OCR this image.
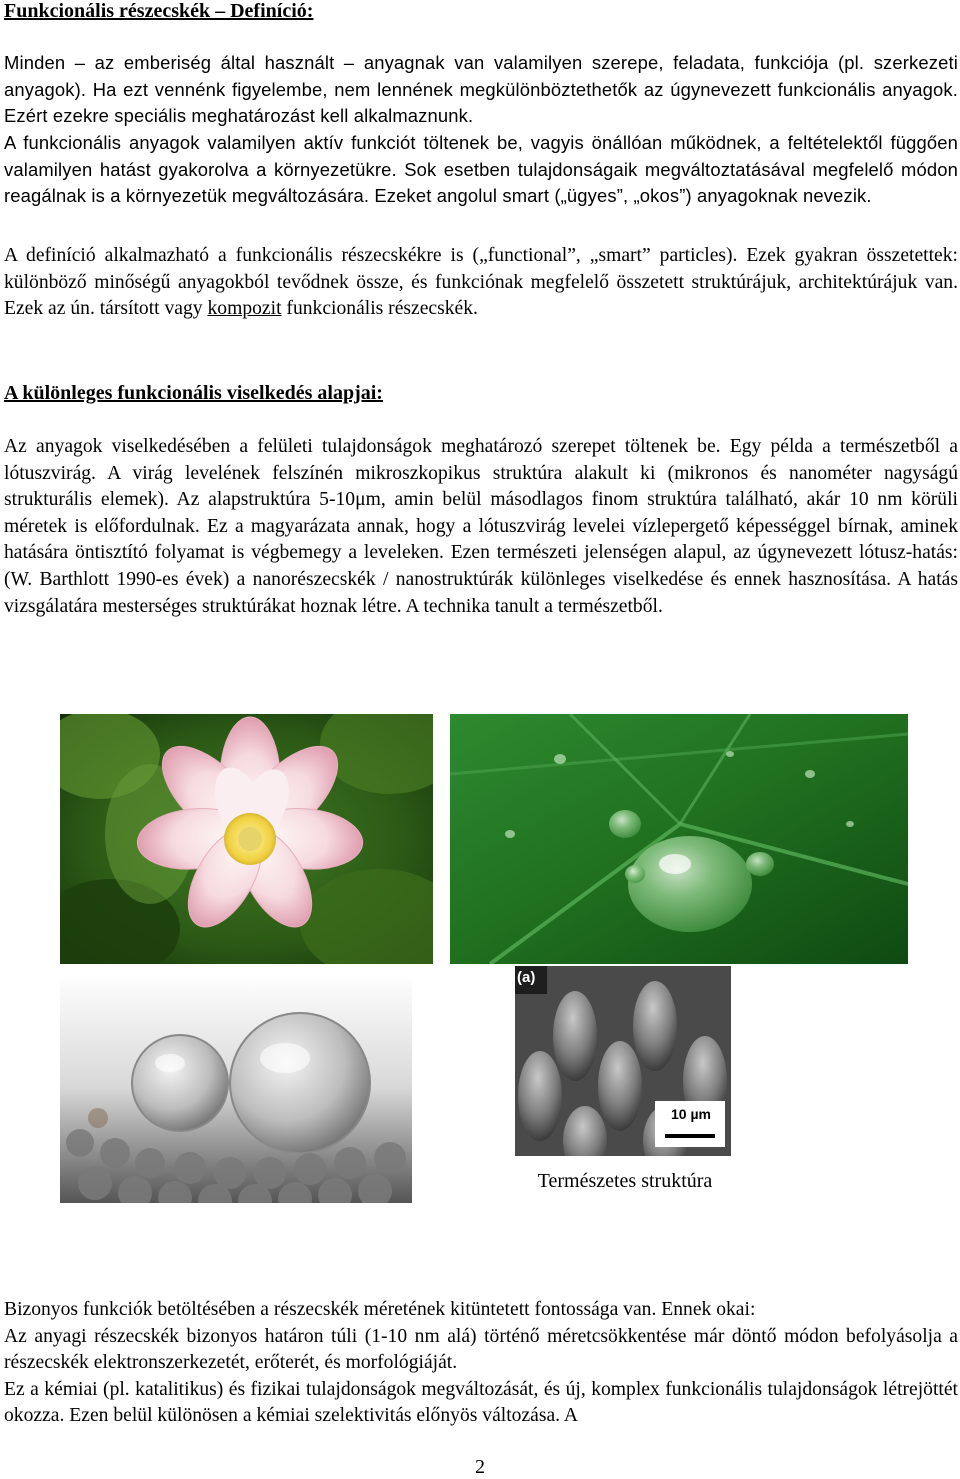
Funkcionális részecskék – Definíció:

Minden – az emberiség által használt – anyagnak van valamilyen szerepe, feladata, funkciója (pl. szerkezeti anyagok). Ha ezt vennénk figyelembe, nem lennének megkülönböztethetők az úgynevezett funkcionális anyagok. Ezért ezekre speciális meghatározást kell alkalmaznunk.

A funkcionális anyagok valamilyen aktív funkciót töltenek be, vagyis önállóan működnek, a feltételektől függően valamilyen hatást gyakorolva a környezetükre. Sok esetben tulajdonságaik megváltoztatásával megfelelő módon reagálnak is a környezetük megváltozására. Ezeket angolul smart („ügyes”, „okos”) anyagoknak nevezik.

A definíció alkalmazható a funkcionális részecskékre is („functional”, „smart” particles). Ezek gyakran összetettek: különböző minőségű anyagokból tevődnek össze, és funkciónak megfelelő összetett struktúrájuk, architektúrájuk van. Ezek az ún. társított vagy kompozit funkcionális részecskék.

A különleges funkcionális viselkedés alapjai:

Az anyagok viselkedésében a felületi tulajdonságok meghatározó szerepet töltenek be. Egy példa a természetből a lótuszvirág. A virág levelének felszínén mikroszkopikus struktúra alakult ki (mikronos és nanométer nagyságú strukturális elemek). Az alapstruktúra 5-10μm, amin belül másodlagos finom struktúra található, akár 10 nm körüli méretek is előfordulnak. Ez a magyarázata annak, hogy a lótuszvirág levelei vízlepergető képességgel bírnak, aminek hatására öntisztító folyamat is végbemegy a leveleken. Ezen természeti jelenségen alapul, az úgynevezett lótusz-hatás: (W. Barthlott 1990-es évek) a nanorészecskék / nanostruktúrák különleges viselkedése és ennek hasznosítása. A hatás vizsgálatára mesterséges struktúrákat hoznak létre. A technika tanult a természetből.

(a)
10 µm
Természetes struktúra

Bizonyos funkciók betöltésében a részecskék méretének kitüntetett fontossága van. Ennek okai:

Az anyagi részecskék bizonyos határon túli (1-10 nm alá) történő méretcsökkentése már döntő módon befolyásolja a részecskék elektronszerkezetét, erőterét, és morfológiáját.

Ez a kémiai (pl. katalitikus) és fizikai tulajdonságok megváltozását, és új, komplex funkcionális tulajdonságok létrejöttét okozza. Ezen belül különösen a kémiai szelektivitás előnyös változása. A

2
